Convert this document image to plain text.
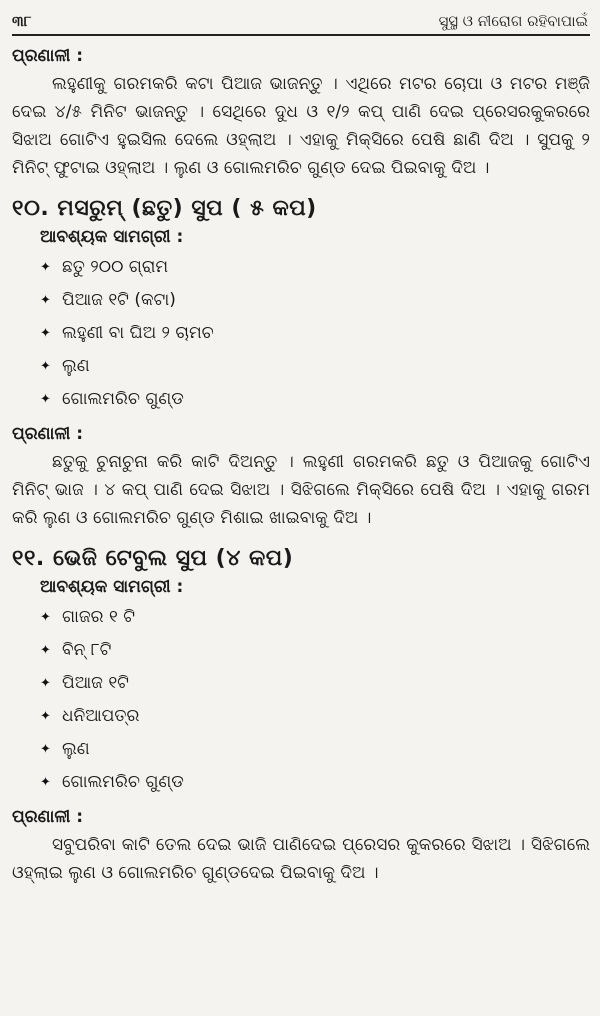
୩୮	ସୁସ୍ଥ ଓ ନୀରୋଗ ରହିବାପାଇଁ
ପ୍ରଣାଳୀ :

ଲହୁଣୀକୁ ଗରମକରି କଟା ପିଆଜ ଭାଜନ୍ତୁ । ଏଥିରେ ମଟର ଚୋପା ଓ ମଟର ମଞ୍ଜି ଦେଇ ୪/୫ ମିନିଟ ଭାଜନ୍ତୁ । ସେଥିରେ ଦୁଧ ଓ ୧/୨ କପ୍ ପାଣି ଦେଇ ପ୍ରେସରକୁକରରେ ସିଝାଅ ଗୋଟିଏ ହୁଇସିଲ ଦେଲେ ଓହ୍ଲାଅ । ଏହାକୁ ମିକ୍ସିରେ ପେଷି ଛାଣି ଦିଅ । ସୁପକୁ ୨ ମିନିଟ୍ ଫୁଟାଇ ଓହ୍ଲାଅ । ଲୁଣ ଓ ଗୋଲମରିଚ ଗୁଣ୍ଡ ଦେଇ ପିଇବାକୁ ଦିଅ ।

୧୦. ମସରୁମ୍ (ଛତୁ) ସୁପ ( ୫ କପ)
ଆବଶ୍ୟକ ସାମଗ୍ରୀ :
✦ ଛତୁ ୨୦୦ ଗ୍ରାମ
✦ ପିଆଜ ୧ଟି (କଟା)
✦ ଲହୁଣୀ ବା ଘିଅ ୨ ଚାମଚ
✦ ଲୁଣ
✦ ଗୋଲମରିଚ ଗୁଣ୍ଡ
ପ୍ରଣାଳୀ :

ଛତୁକୁ ଚୁନାଚୁନା କରି କାଟି ଦିଅନ୍ତୁ । ଲହୁଣୀ ଗରମକରି ଛତୁ ଓ ପିଆଜକୁ ଗୋଟିଏ ମିନିଟ୍ ଭାଜ । ୪ କପ୍ ପାଣି ଦେଇ ସିଝାଅ । ସିଝିଗଲେ ମିକ୍ସିରେ ପେଷି ଦିଅ । ଏହାକୁ ଗରମ କରି ଲୁଣ ଓ ଗୋଲମରିଚ ଗୁଣ୍ଡ ମିଶାଇ ଖାଇବାକୁ ଦିଅ ।

୧୧. ଭେଜି ଟେବୁଲ ସୁପ (୪ କପ)
ଆବଶ୍ୟକ ସାମଗ୍ରୀ :
✦ ଗାଜର ୧ ଟି
✦ ବିନ୍ ୮ଟି
✦ ପିଆଜ ୧ଟି
✦ ଧନିଆପତ୍ର
✦ ଲୁଣ
✦ ଗୋଲମରିଚ ଗୁଣ୍ଡ
ପ୍ରଣାଳୀ :

ସବୁପରିବା କାଟି ତେଲ ଦେଇ ଭାଜି ପାଣିଦେଇ ପ୍ରେସର କୁକରରେ ସିଝାଅ । ସିଝିଗଲେ ଓହ୍ଲାଇ ଲୁଣ ଓ ଗୋଲମରିଚ ଗୁଣ୍ଡଦେଇ ପିଇବାକୁ ଦିଅ ।
